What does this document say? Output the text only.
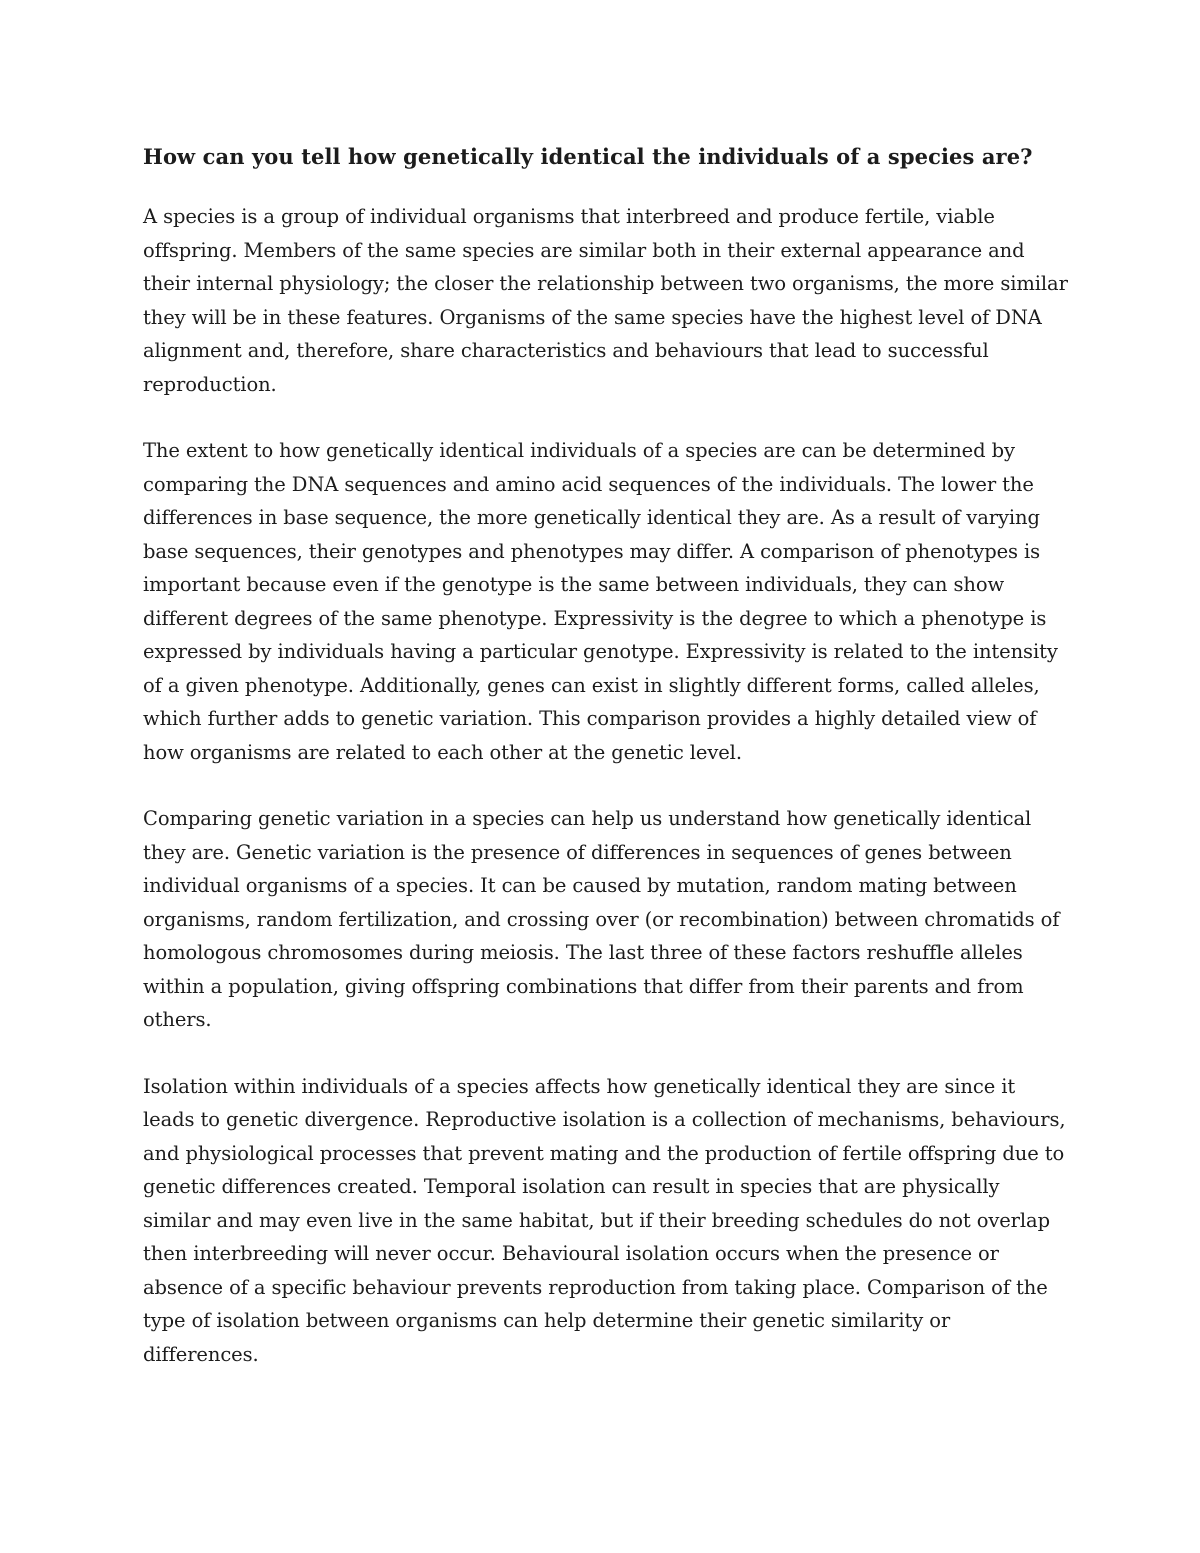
How can you tell how genetically identical the individuals of a species are?

A species is a group of individual organisms that interbreed and produce fertile, viable offspring. Members of the same species are similar both in their external appearance and their internal physiology; the closer the relationship between two organisms, the more similar they will be in these features. Organisms of the same species have the highest level of DNA alignment and, therefore, share characteristics and behaviours that lead to successful reproduction.

The extent to how genetically identical individuals of a species are can be determined by comparing the DNA sequences and amino acid sequences of the individuals. The lower the differences in base sequence, the more genetically identical they are. As a result of varying base sequences, their genotypes and phenotypes may differ. A comparison of phenotypes is important because even if the genotype is the same between individuals, they can show different degrees of the same phenotype. Expressivity is the degree to which a phenotype is expressed by individuals having a particular genotype. Expressivity is related to the intensity of a given phenotype. Additionally, genes can exist in slightly different forms, called alleles, which further adds to genetic variation. This comparison provides a highly detailed view of how organisms are related to each other at the genetic level.

Comparing genetic variation in a species can help us understand how genetically identical they are. Genetic variation is the presence of differences in sequences of genes between individual organisms of a species. It can be caused by mutation, random mating between organisms, random fertilization, and crossing over (or recombination) between chromatids of homologous chromosomes during meiosis. The last three of these factors reshuffle alleles within a population, giving offspring combinations that differ from their parents and from others.

Isolation within individuals of a species affects how genetically identical they are since it leads to genetic divergence. Reproductive isolation is a collection of mechanisms, behaviours, and physiological processes that prevent mating and the production of fertile offspring due to genetic differences created. Temporal isolation can result in species that are physically similar and may even live in the same habitat, but if their breeding schedules do not overlap then interbreeding will never occur. Behavioural isolation occurs when the presence or absence of a specific behaviour prevents reproduction from taking place. Comparison of the type of isolation between organisms can help determine their genetic similarity or differences.
